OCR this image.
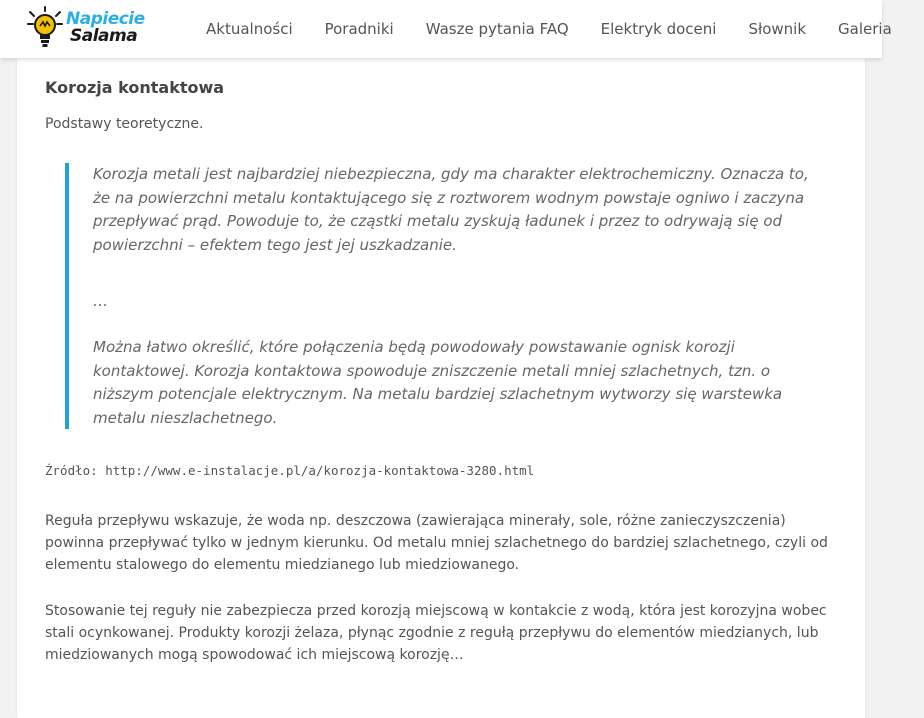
Napiecie
Salama	Aktualności Poradniki Wasze pytania FAQ Elektryk doceni Słownik Galeria
Korozja kontaktowa

Podstawy teoretyczne.

Korozja metali jest najbardziej niebezpieczna, gdy ma charakter elektrochemiczny. Oznacza to, że na powierzchni metalu kontaktującego się z roztworem wodnym powstaje ogniwo i zaczyna przepływać prąd. Powoduje to, że cząstki metalu zyskują ładunek i przez to odrywają się od powierzchni – efektem tego jest jej uszkadzanie.

…

Można łatwo określić, które połączenia będą powodowały powstawanie ognisk korozji kontaktowej. Korozja kontaktowa spowoduje zniszczenie metali mniej szlachetnych, tzn. o niższym potencjale elektrycznym. Na metalu bardziej szlachetnym wytworzy się warstewka metalu nieszlachetnego.

Źródło: http://www.e-instalacje.pl/a/korozja-kontaktowa-3280.html

Reguła przepływu wskazuje, że woda np. deszczowa (zawierająca minerały, sole, różne zanieczyszczenia) powinna przepływać tylko w jednym kierunku. Od metalu mniej szlachetnego do bardziej szlachetnego, czyli od elementu stalowego do elementu miedzianego lub miedziowanego.

Stosowanie tej reguły nie zabezpiecza przed korozją miejscową w kontakcie z wodą, która jest korozyjna wobec stali ocynkowanej. Produkty korozji żelaza, płynąc zgodnie z regułą przepływu do elementów miedzianych, lub miedziowanych mogą spowodować ich miejscową korozję…
